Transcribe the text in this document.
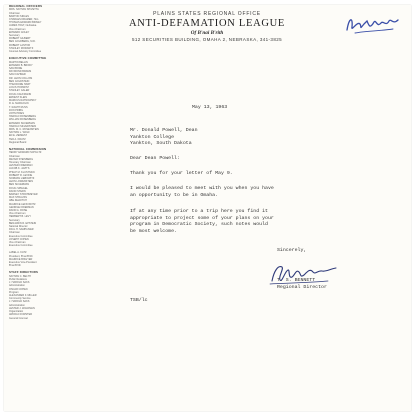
REGIONAL OFFICERS
MRS. NATHAN SHIVETTA
Chairman
BARTON SIDLES
CHARLES DRAMER, Hon.
THOMAS EDWARD BINNEY
JAMES HOLT, Nebraska
Vice-Chairmen
EDWARD GOLEY
Secretary
ROBERT GILBERT
BEN GOLDBERG, M.D.
ROBERT LANTOR
STANLEY MORANTZ
Counsel Advisory Committee
EXECUTIVE COMMITTEE
MARTIN BELLIN
EDWARD B. BRODY
SAM BODE
RAYMOND BRAMS
SAM CAHNER
DR. LEON COLLINS
BEN GOLDSTEIN
THEODORE HART
LOUIS HORWITZ
STANLEY GALER
DOUG KAUFMANN
ERNEST KLEIN
MARCUS RATNOWSKY
R. E. MARGOLIN
T. RALPH RUSS
DON PRIBIL
JOHN PRIES
HAROLD ROSENBERG
WILLIAM ROSENBERG
EDWARD SILVERMAN
HAROLD SILVERSTEIN
MRS. M. C. ROSENSTEIN
NATHAN L. WOLF
ED E. ZEIMETZ
TED A. KRATZ
Regional Board
NATIONAL COMMISSION
HENRY EDWARD SCHULTZ
Chairman
MEYER STEINBERG
Honorary Chairman
LESTER FRIEDMAN
JACOB K. JAVITS
PHILIP M. KLUTZNICK
ROBERT R. LEVINE
NORMAN LIEBOWITZ
LEON LOWENSTEIN
BEN SILVERMAN
DOUG SPIEGEL
DAVID STERN
BARNEY STROHMEYER
MAX STRAUSS
ABE ZELDITCH
MAURICE LEFKOWITZ
GEORGE FRIEDMAN
DAVID A. ROSE
Vice-Chairmen
HERBERT B. LEVY
Secretary
BENJAMIN R. EPSTEIN
National Director
PAUL H. SAMPLINER
Chairman
Executive Committee
JOSEPH COHEN
Vice-Chairman
Executive Committee
LABEL A. KATZ
President, B'nai B'rith
MAURICE BISGYER
Executive Vice-President
B'nai B'rith
STAFF DIRECTORS
NATHAN C. BELTH
Public Relations
J. HAROLD SAKS
Administration
OSCAR COHEN
Program
ALEXANDER F. MILLER
Community Service
J. HAROLD SAKS
Administration
LESTER J. WALDMAN
Organization
ARNOLD FORSTER
General Counsel
PLAINS STATES REGIONAL OFFICE
ANTI-DEFAMATION LEAGUE
Of B'nai B'rith
512 SECURITIES BUILDING, OMAHA 2, NEBRASKA, 341-3825
May 13, 1963
Mr. Donald Powell, Dean
Yankton College
Yankton, South Dakota
Dear Dean Powell:
Thank you for your letter of May 9.
I would be pleased to meet with you when you have
an opportunity to be in Omaha.
If at any time prior to a trip here you find it
appropriate to project some of your plans on your
program in Democratic Society, such notes would
be most welcome.
Sincerely,
T. S. BENNETT
Regional Director
TSB/lc
